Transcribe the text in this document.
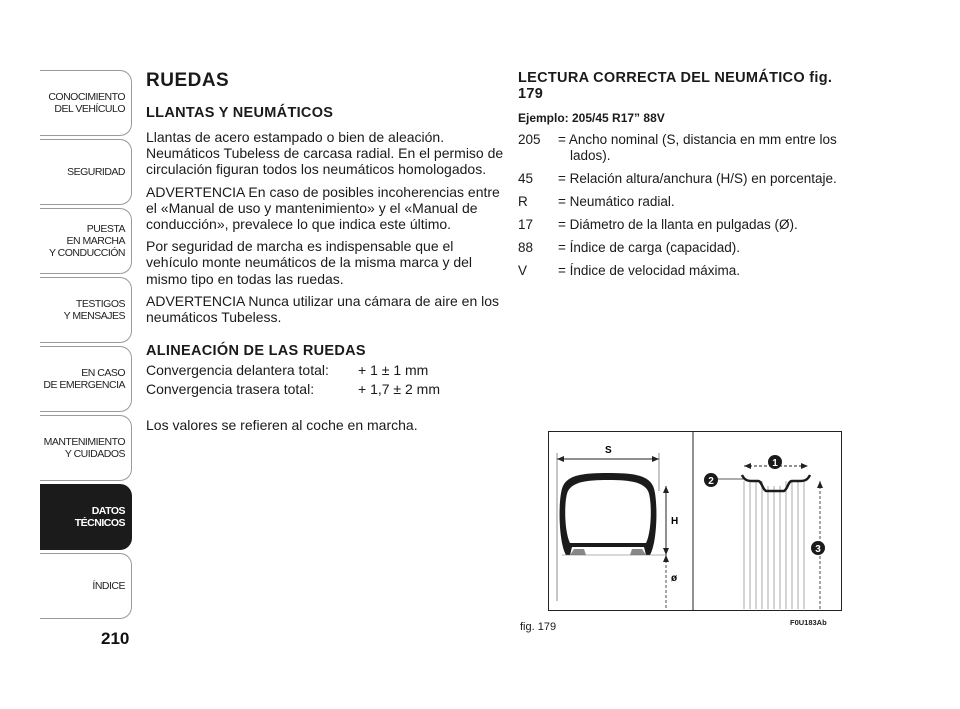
CONOCIMIENTO
DEL VEHÍCULO
SEGURIDAD
PUESTA
EN MARCHA
Y CONDUCCIÓN
TESTIGOS
Y MENSAJES
EN CASO
DE EMERGENCIA
MANTENIMIENTO
Y CUIDADOS
DATOS TÉCNICOS
ÍNDICE
210
RUEDAS
LLANTAS Y NEUMÁTICOS

Llantas de acero estampado o bien de aleación. Neumáticos Tubeless de carcasa radial. En el permiso de circulación figuran todos los neumáticos homologados.

ADVERTENCIA En caso de posibles incoherencias entre el «Manual de uso y mantenimiento» y el «Manual de conducción», prevalece lo que indica este último.

Por seguridad de marcha es indispensable que el vehículo monte neumáticos de la misma marca y del mismo tipo en todas las ruedas.

ADVERTENCIA Nunca utilizar una cámara de aire en los neumáticos Tubeless.

ALINEACIÓN DE LAS RUEDAS
Convergencia delantera total:	+ 1 ± 1 mm
Convergencia trasera total:	+ 1,7 ± 2 mm

Los valores se refieren al coche en marcha.

LECTURA CORRECTA DEL NEUMÁTICO fig. 179
Ejemplo: 205/45 R17” 88V
205	= Ancho nominal (S, distancia en mm entre los lados).
45	= Relación altura/anchura (H/S) en porcentaje.
R	= Neumático radial.
17	= Diámetro de la llanta en pulgadas (Ø).
88	= Índice de carga (capacidad).
V	= Índice de velocidad máxima.
S
H
ø
1
2
3
fig. 179	F0U183Ab
